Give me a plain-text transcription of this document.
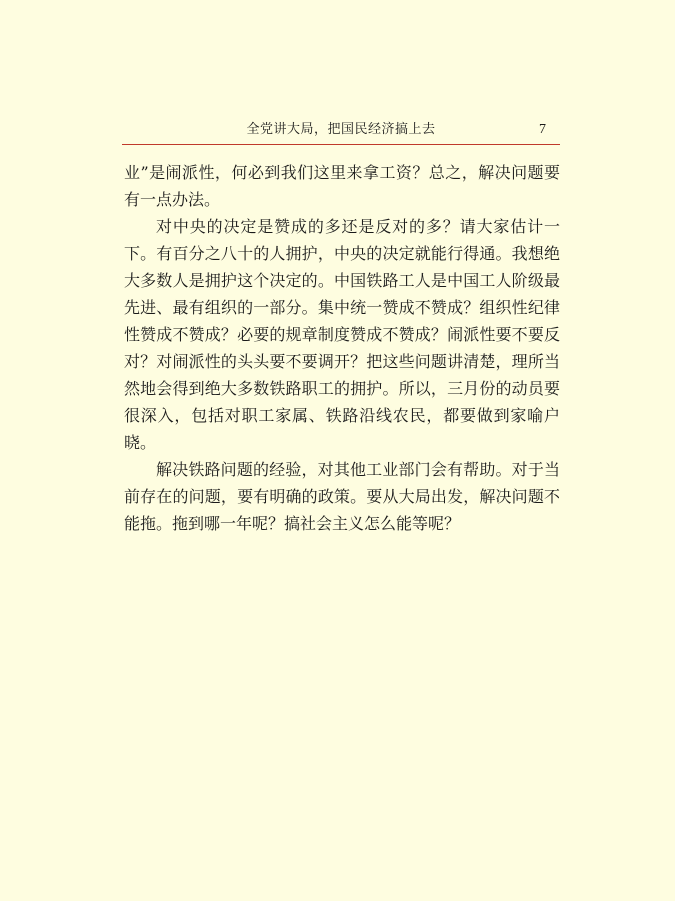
全党讲大局，把国民经济搞上去	7

业”是闹派性，何必到我们这里来拿工资？总之，解决问题要有一点办法。

对中央的决定是赞成的多还是反对的多？请大家估计一下。有百分之八十的人拥护，中央的决定就能行得通。我想绝大多数人是拥护这个决定的。中国铁路工人是中国工人阶级最先进、最有组织的一部分。集中统一赞成不赞成？组织性纪律性赞成不赞成？必要的规章制度赞成不赞成？闹派性要不要反对？对闹派性的头头要不要调开？把这些问题讲清楚，理所当然地会得到绝大多数铁路职工的拥护。所以，三月份的动员要很深入，包括对职工家属、铁路沿线农民，都要做到家喻户晓。

解决铁路问题的经验，对其他工业部门会有帮助。对于当前存在的问题，要有明确的政策。要从大局出发，解决问题不能拖。拖到哪一年呢？搞社会主义怎么能等呢？
